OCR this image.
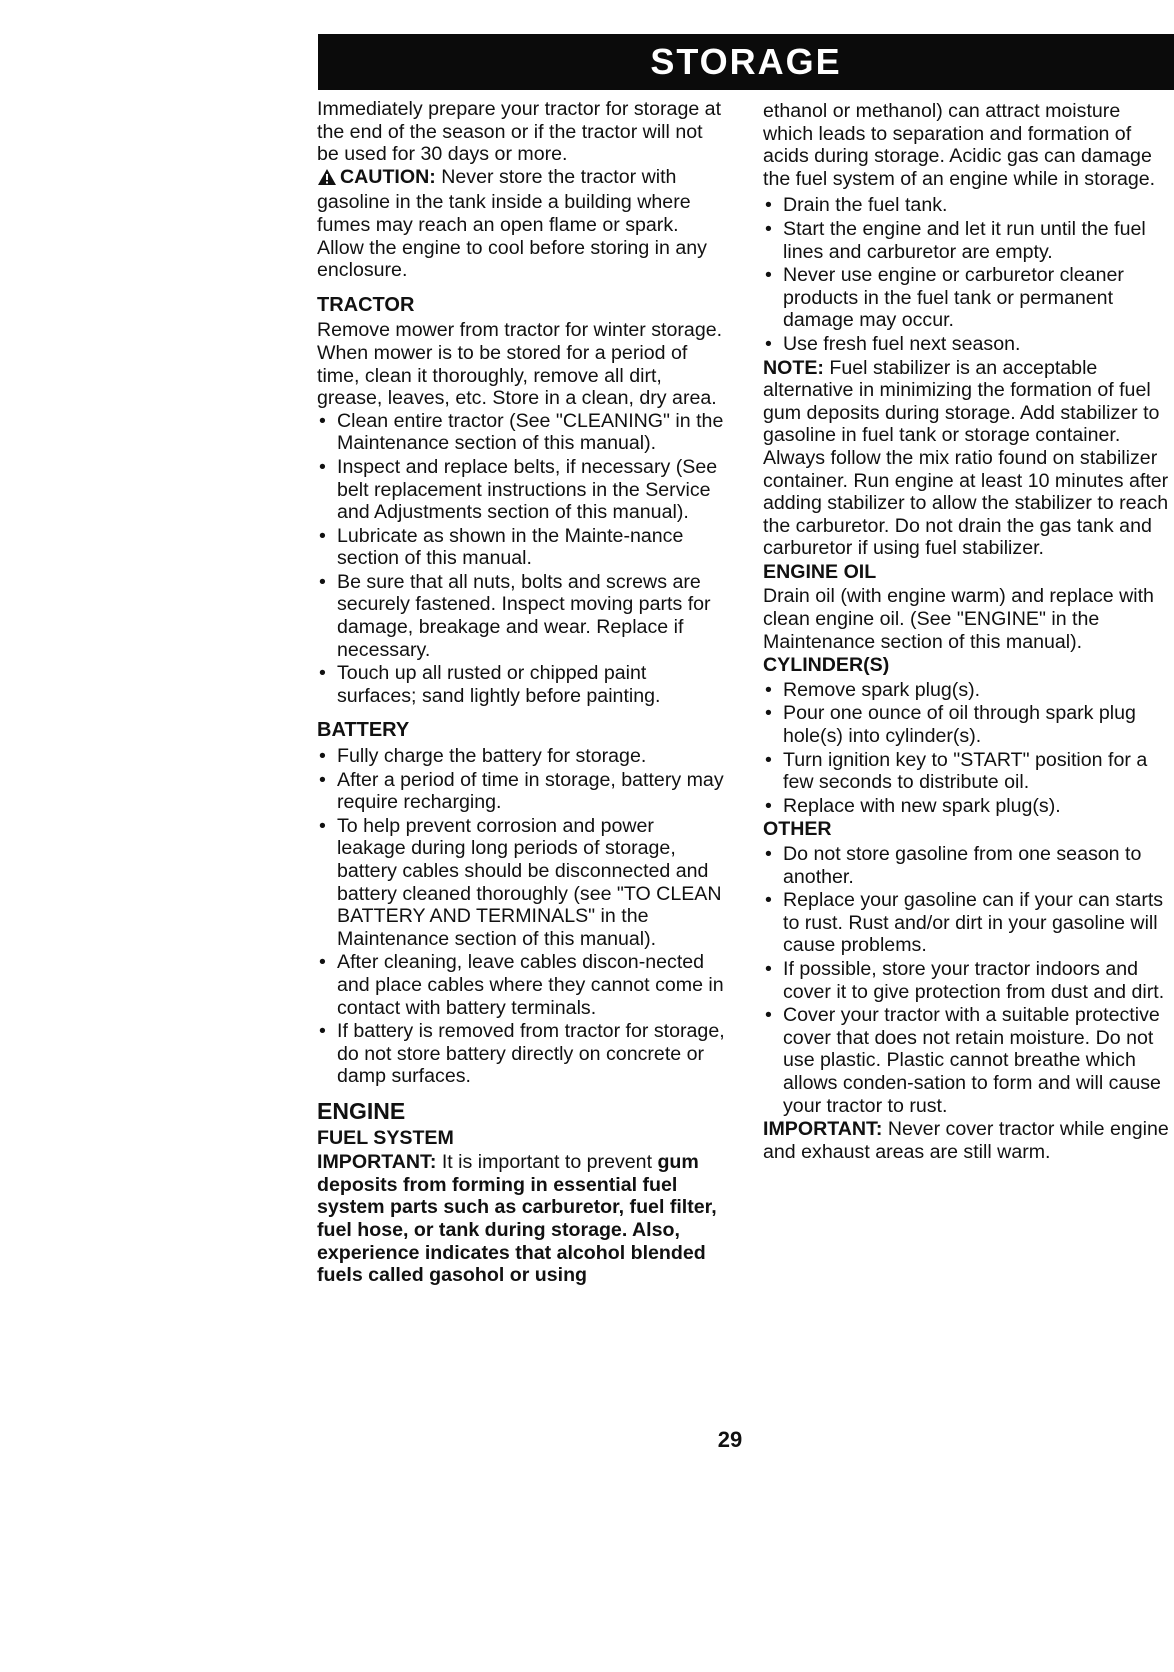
STORAGE

Immediately prepare your tractor for storage at the end of the season or if the tractor will not be used for 30 days or more.

CAUTION: Never store the tractor with gasoline in the tank inside a building where fumes may reach an open flame or spark. Allow the engine to cool before storing in any enclosure.

TRACTOR

Remove mower from tractor for winter storage. When mower is to be stored for a period of time, clean it thoroughly, remove all dirt, grease, leaves, etc. Store in a clean, dry area.

• Clean entire tractor (See "CLEANING" in the Maintenance section of this manual).
• Inspect and replace belts, if necessary (See belt replacement instructions in the Service and Adjustments section of this manual).
• Lubricate as shown in the Mainte-nance section of this manual.
• Be sure that all nuts, bolts and screws are securely fastened. Inspect moving parts for damage, breakage and wear. Replace if necessary.
• Touch up all rusted or chipped paint surfaces; sand lightly before painting.
BATTERY
• Fully charge the battery for storage.
• After a period of time in storage, battery may require recharging.
• To help prevent corrosion and power leakage during long periods of storage, battery cables should be disconnected and battery cleaned thoroughly (see "TO CLEAN BATTERY AND TERMINALS" in the Maintenance section of this manual).
• After cleaning, leave cables discon-nected and place cables where they cannot come in contact with battery terminals.
• If battery is removed from tractor for storage, do not store battery directly on concrete or damp surfaces.
ENGINE
FUEL SYSTEM

IMPORTANT: It is important to prevent gum deposits from forming in essential fuel system parts such as carburetor, fuel filter, fuel hose, or tank during storage. Also, experience indicates that alcohol blended fuels called gasohol or using

ethanol or methanol) can attract moisture which leads to separation and formation of acids during storage. Acidic gas can damage the fuel system of an engine while in storage.

• Drain the fuel tank.
• Start the engine and let it run until the fuel lines and carburetor are empty.
• Never use engine or carburetor cleaner products in the fuel tank or permanent damage may occur.
• Use fresh fuel next season.

NOTE: Fuel stabilizer is an acceptable alternative in minimizing the formation of fuel gum deposits during storage. Add stabilizer to gasoline in fuel tank or storage container. Always follow the mix ratio found on stabilizer container. Run engine at least 10 minutes after adding stabilizer to allow the stabilizer to reach the carburetor. Do not drain the gas tank and carburetor if using fuel stabilizer.

ENGINE OIL

Drain oil (with engine warm) and replace with clean engine oil. (See "ENGINE" in the Maintenance section of this manual).

CYLINDER(S)
• Remove spark plug(s).
• Pour one ounce of oil through spark plug hole(s) into cylinder(s).
• Turn ignition key to "START" position for a few seconds to distribute oil.
• Replace with new spark plug(s).
OTHER
• Do not store gasoline from one season to another.
• Replace your gasoline can if your can starts to rust. Rust and/or dirt in your gasoline will cause problems.
• If possible, store your tractor indoors and cover it to give protection from dust and dirt.
• Cover your tractor with a suitable protective cover that does not retain moisture. Do not use plastic. Plastic cannot breathe which allows conden-sation to form and will cause your tractor to rust.

IMPORTANT: Never cover tractor while engine and exhaust areas are still warm.

29
